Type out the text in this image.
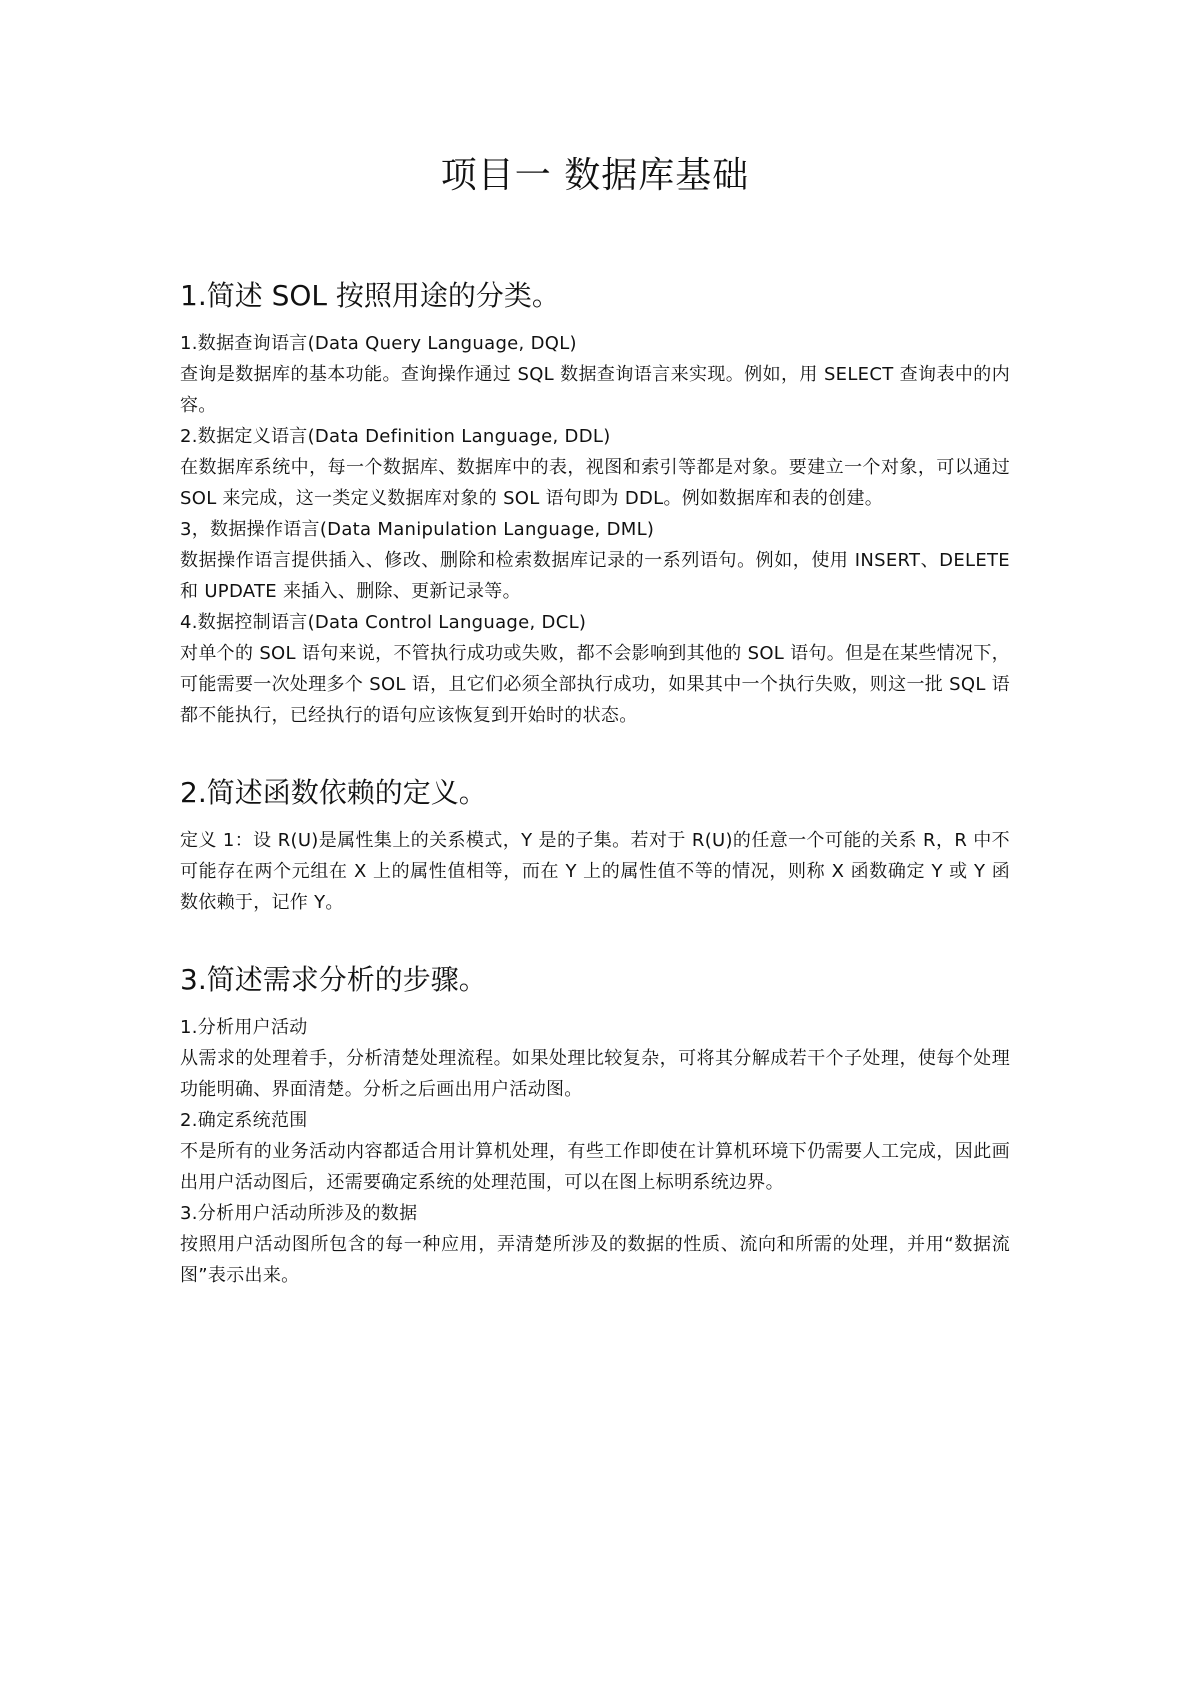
项目一 数据库基础
1.简述 SOL 按照用途的分类。

1.数据查询语言(Data Query Language, DQL)

查询是数据库的基本功能。查询操作通过 SQL 数据查询语言来实现。例如，用 SELECT 查询表中的内容。

2.数据定义语言(Data Definition Language, DDL)

在数据库系统中，每一个数据库、数据库中的表，视图和索引等都是对象。要建立一个对象，可以通过 SOL 来完成，这一类定义数据库对象的 SOL 语句即为 DDL。例如数据库和表的创建。

3，数据操作语言(Data Manipulation Language, DML)

数据操作语言提供插入、修改、删除和检索数据库记录的一系列语句。例如，使用 INSERT、DELETE 和 UPDATE 来插入、删除、更新记录等。

4.数据控制语言(Data Control Language, DCL)

对单个的 SOL 语句来说，不管执行成功或失败，都不会影响到其他的 SOL 语句。但是在某些情况下，可能需要一次处理多个 SOL 语，且它们必须全部执行成功，如果其中一个执行失败，则这一批 SQL 语都不能执行，已经执行的语句应该恢复到开始时的状态。

2.简述函数依赖的定义。

定义 1：设 R(U)是属性集上的关系模式，Y 是的子集。若对于 R(U)的任意一个可能的关系 R，R 中不可能存在两个元组在 X 上的属性值相等，而在 Y 上的属性值不等的情况，则称 X 函数确定 Y 或 Y 函数依赖于，记作 Y。

3.简述需求分析的步骤。

1.分析用户活动

从需求的处理着手，分析清楚处理流程。如果处理比较复杂，可将其分解成若干个子处理，使每个处理功能明确、界面清楚。分析之后画出用户活动图。

2.确定系统范围

不是所有的业务活动内容都适合用计算机处理，有些工作即使在计算机环境下仍需要人工完成，因此画出用户活动图后，还需要确定系统的处理范围，可以在图上标明系统边界。

3.分析用户活动所涉及的数据

按照用户活动图所包含的每一种应用，弄清楚所涉及的数据的性质、流向和所需的处理，并用“数据流图”表示出来。
